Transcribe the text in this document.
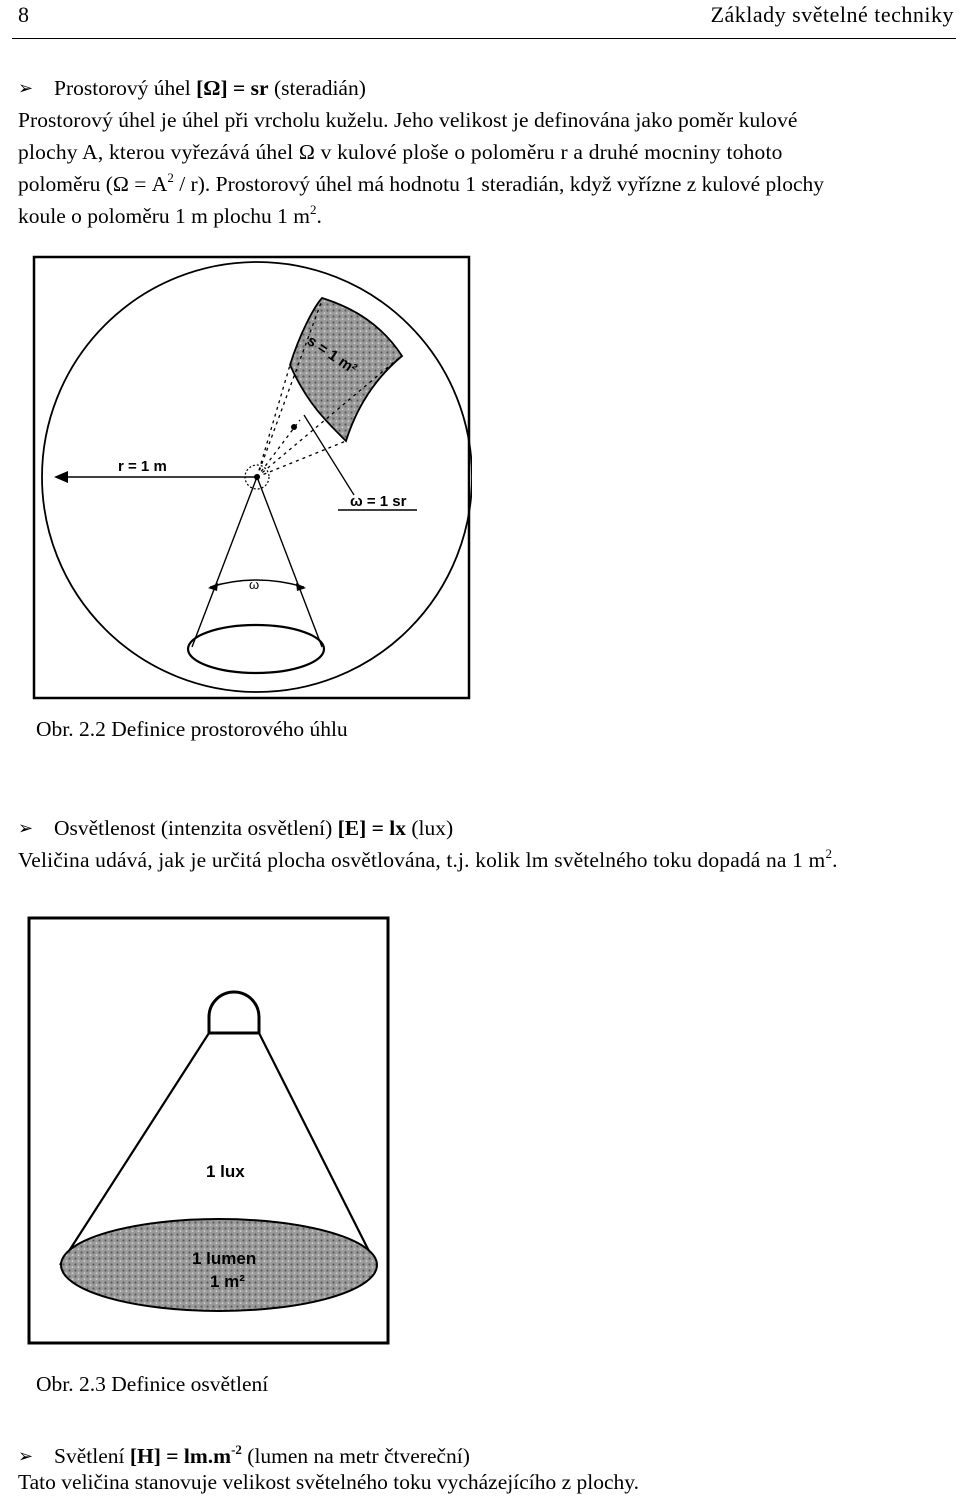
8	Základy světelné techniky
➢ Prostorový úhel [Ω] = sr (steradián)
Prostorový úhel je úhel při vrcholu kuželu. Jeho velikost je definována jako poměr kulové
plochy A, kterou vyřezává úhel Ω v kulové ploše o poloměru r a druhé mocniny tohoto
poloměru $(\Omega = A^2 / r)$. Prostorový úhel má hodnotu 1 steradián, když vyřízne z kulové plochy
koule o poloměru 1 m plochu 1 $m^2$.
s = 1 m²
r = 1 m
ω = 1 sr
ω
Obr. 2.2 Definice prostorového úhlu
➢ Osvětlenost (intenzita osvětlení) [E] = lx (lux)
Veličina udává, jak je určitá plocha osvětlována, t.j. kolik lm světelného toku dopadá na 1 $m^2$.
1 lux
1 lumen
1 m²
Obr. 2.3 Definice osvětlení
➢ Světlení $[H] = lm.m^{-2}$ (lumen na metr čtvereční)
Tato veličina stanovuje velikost světelného toku vycházejícího z plochy.
